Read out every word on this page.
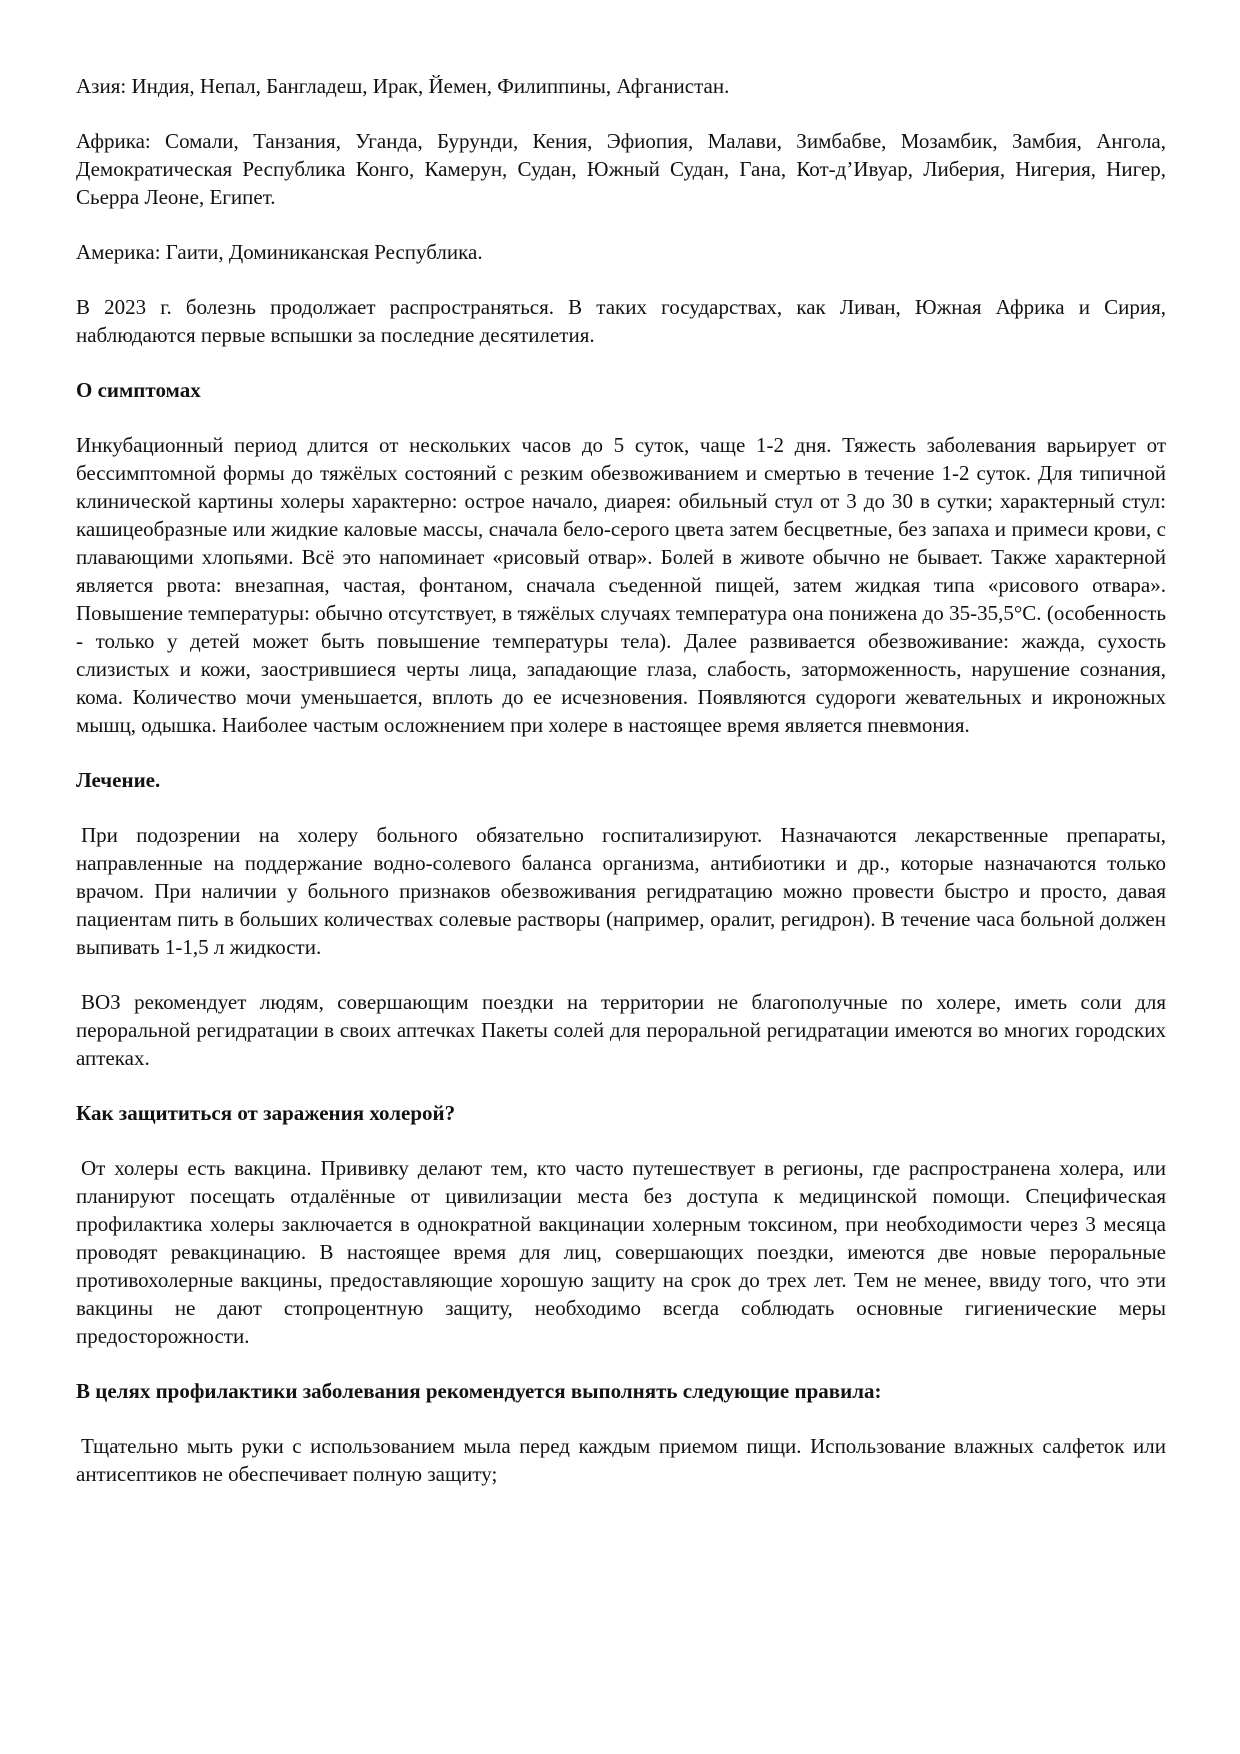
Азия: Индия, Непал, Бангладеш, Ирак, Йемен, Филиппины, Афганистан.

Африка: Сомали, Танзания, Уганда, Бурунди, Кения, Эфиопия, Малави, Зимбабве, Мозамбик, Замбия, Ангола, Демократическая Республика Конго, Камерун, Судан, Южный Судан, Гана, Кот-д’Ивуар, Либерия, Нигерия, Нигер, Сьерра Леоне, Египет.

Америка: Гаити, Доминиканская Республика.

В 2023 г. болезнь продолжает распространяться. В таких государствах, как Ливан, Южная Африка и Сирия, наблюдаются первые вспышки за последние десятилетия.

О симптомах

Инкубационный период длится от нескольких часов до 5 суток, чаще 1-2 дня. Тяжесть заболевания варьирует от бессимптомной формы до тяжёлых состояний с резким обезвоживанием и смертью в течение 1-2 суток. Для типичной клинической картины холеры характерно: острое начало, диарея: обильный стул от 3 до 30 в сутки; характерный стул: кашицеобразные или жидкие каловые массы, сначала бело-серого цвета затем бесцветные, без запаха и примеси крови, с плавающими хлопьями. Всё это напоминает «рисовый отвар». Болей в животе обычно не бывает. Также характерной является рвота: внезапная, частая, фонтаном, сначала съеденной пищей, затем жидкая типа «рисового отвара». Повышение температуры: обычно отсутствует, в тяжёлых случаях температура она понижена до 35-35,5°C. (особенность - только у детей может быть повышение температуры тела). Далее развивается обезвоживание: жажда, сухость слизистых и кожи, заострившиеся черты лица, западающие глаза, слабость, заторможенность, нарушение сознания, кома. Количество мочи уменьшается, вплоть до ее исчезновения. Появляются судороги жевательных и икроножных мышц, одышка. Наиболее частым осложнением при холере в настоящее время является пневмония.

Лечение.

При подозрении на холеру больного обязательно госпитализируют. Назначаются лекарственные препараты, направленные на поддержание водно-солевого баланса организма, антибиотики и др., которые назначаются только врачом. При наличии у больного признаков обезвоживания регидратацию можно провести быстро и просто, давая пациентам пить в больших количествах солевые растворы (например, оралит, регидрон). В течение часа больной должен выпивать 1-1,5 л жидкости.

ВОЗ рекомендует людям, совершающим поездки на территории не благополучные по холере, иметь соли для пероральной регидратации в своих аптечках Пакеты солей для пероральной регидратации имеются во многих городских аптеках.

Как защититься от заражения холерой?

От холеры есть вакцина. Прививку делают тем, кто часто путешествует в регионы, где распространена холера, или планируют посещать отдалённые от цивилизации места без доступа к медицинской помощи. Специфическая профилактика холеры заключается в однократной вакцинации холерным токсином, при необходимости через 3 месяца проводят ревакцинацию. В настоящее время для лиц, совершающих поездки, имеются две новые пероральные противохолерные вакцины, предоставляющие хорошую защиту на срок до трех лет. Тем не менее, ввиду того, что эти вакцины не дают стопроцентную защиту, необходимо всегда соблюдать основные гигиенические меры предосторожности.

В целях профилактики заболевания рекомендуется выполнять следующие правила:

Тщательно мыть руки с использованием мыла перед каждым приемом пищи. Использование влажных салфеток или антисептиков не обеспечивает полную защиту;
